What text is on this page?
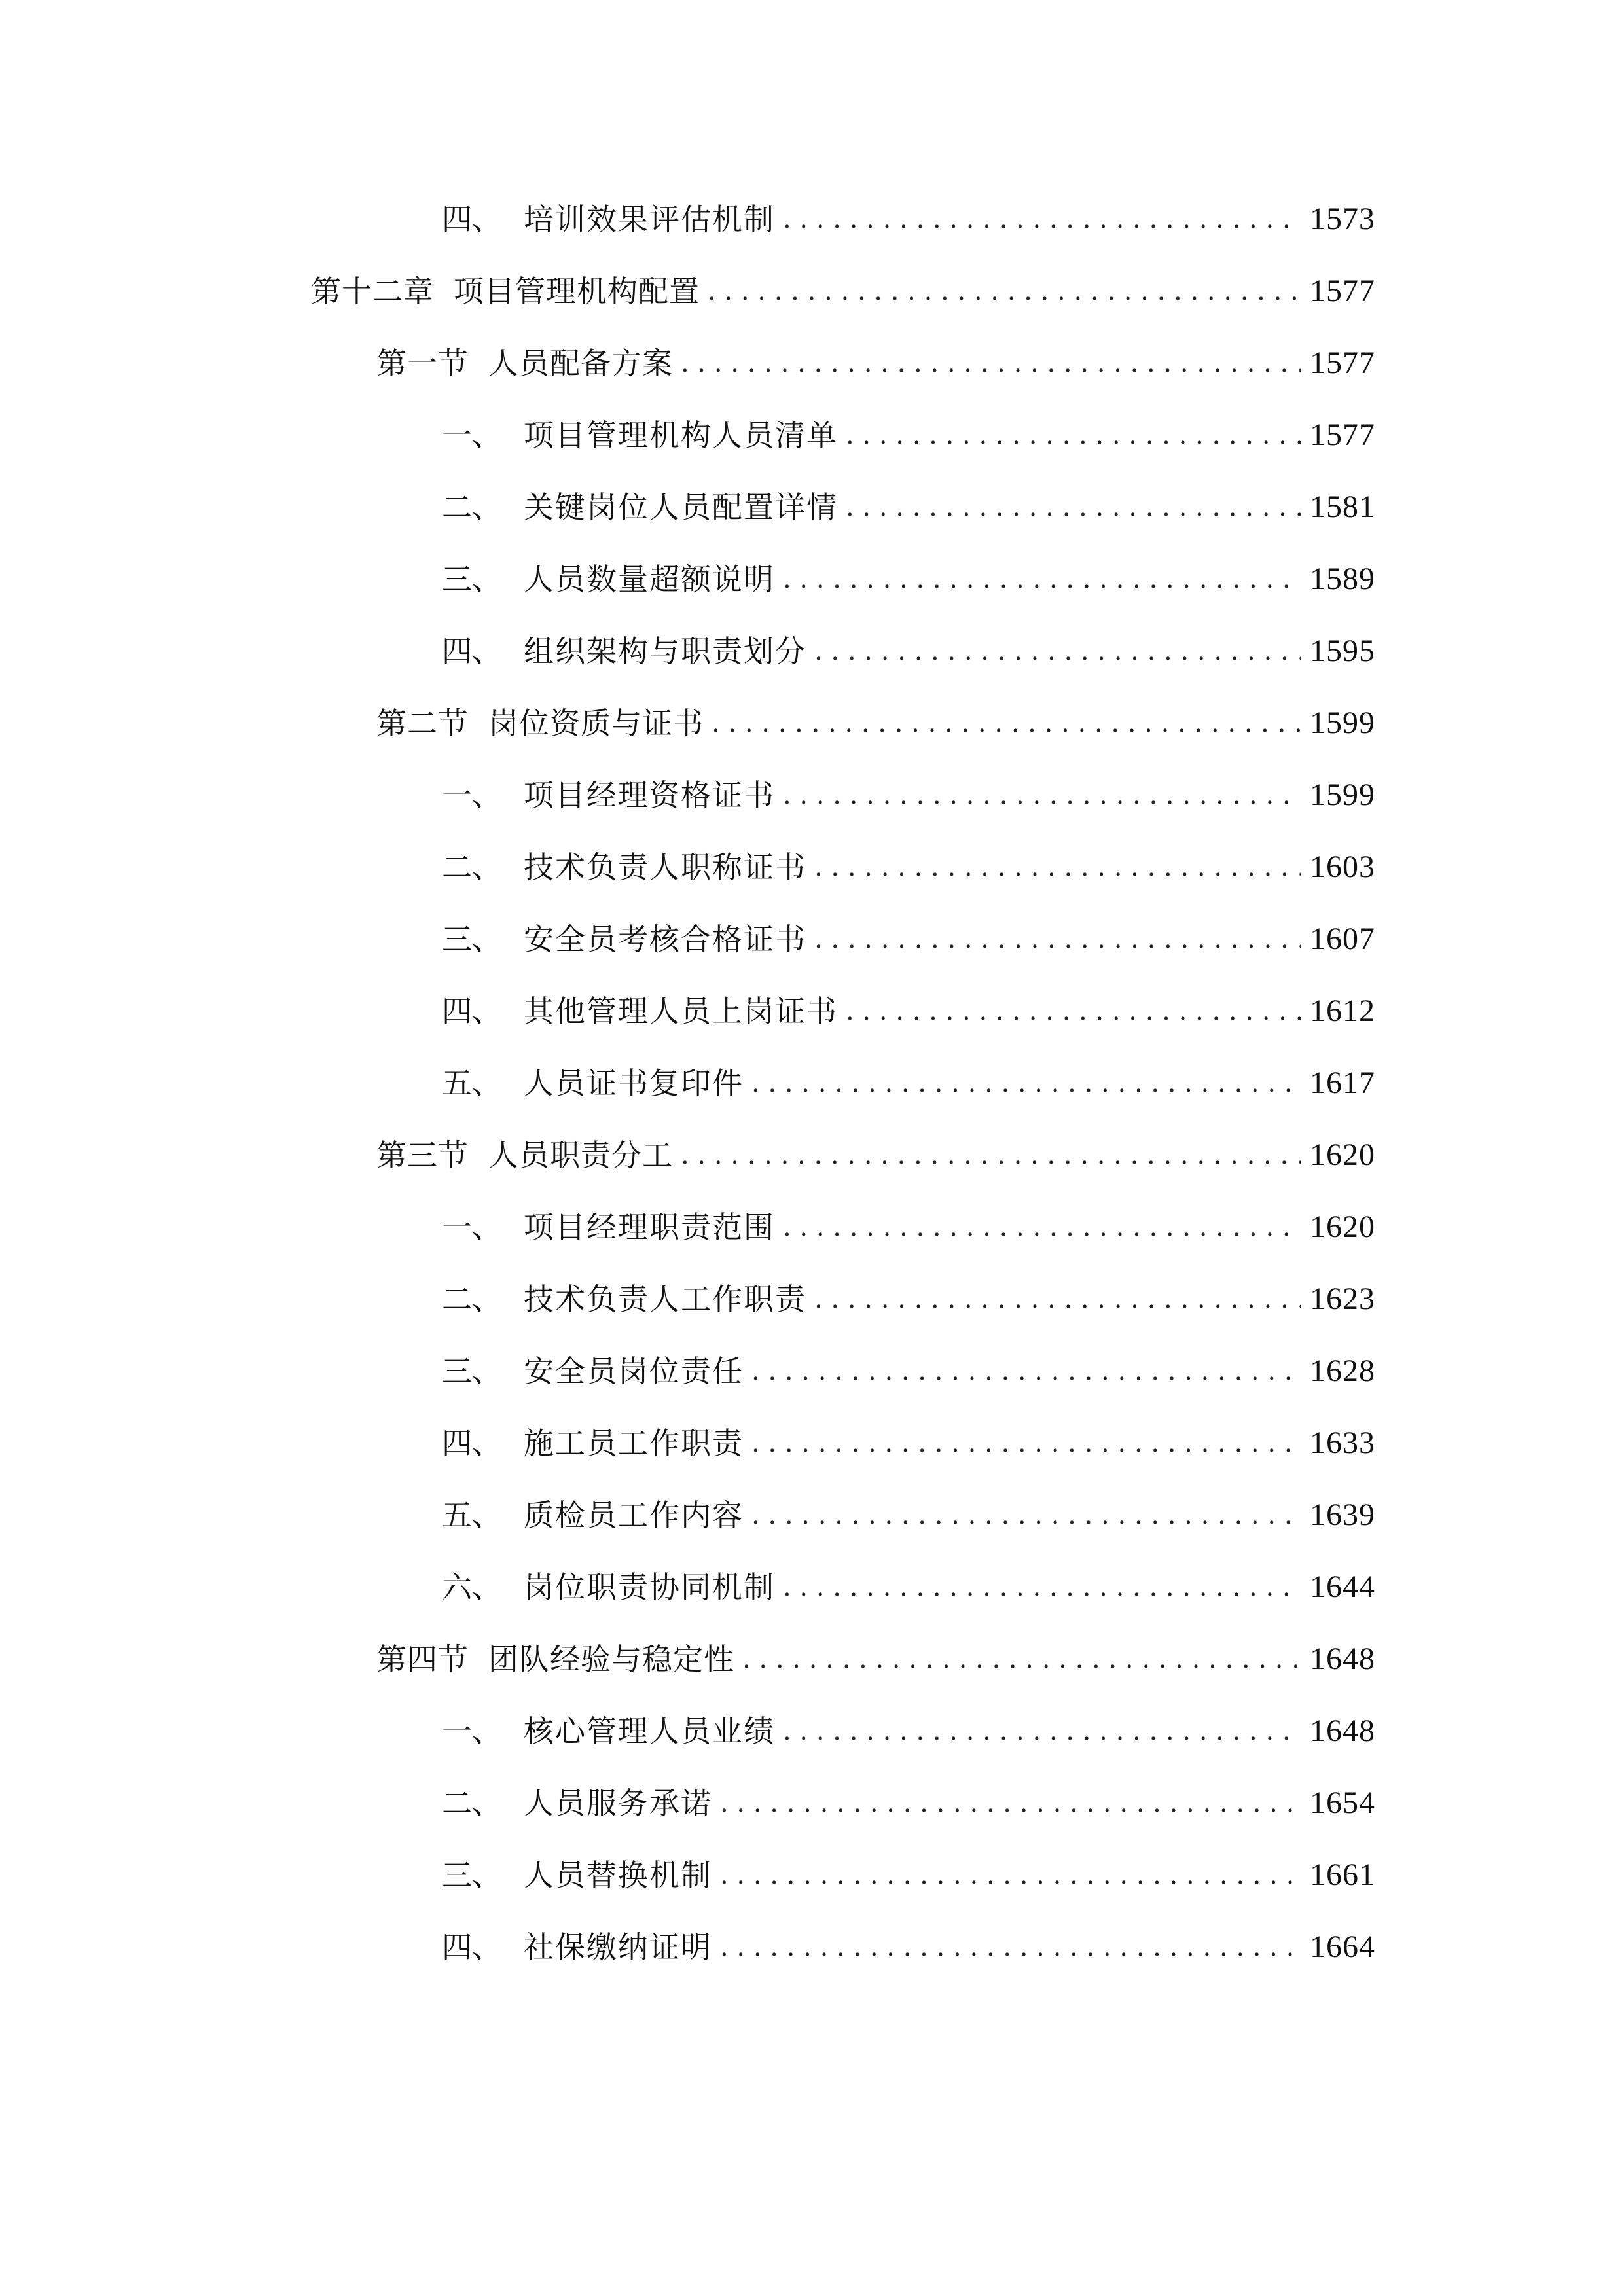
四、 培训效果评估机制 . . .	1573
第十二章 项目管理机构配置 . . .	1577
第一节 人员配备方案 . . .	1577
一、 项目管理机构人员清单 . . .	1577
二、 关键岗位人员配置详情 . . .	1581
三、 人员数量超额说明 . . .	1589
四、 组织架构与职责划分 . . .	1595
第二节 岗位资质与证书 . . .	1599
一、 项目经理资格证书 . . .	1599
二、 技术负责人职称证书 . . .	1603
三、 安全员考核合格证书 . . .	1607
四、 其他管理人员上岗证书 . . .	1612
五、 人员证书复印件 . . .	1617
第三节 人员职责分工 . . .	1620
一、 项目经理职责范围 . . .	1620
二、 技术负责人工作职责 . . .	1623
三、 安全员岗位责任 . . .	1628
四、 施工员工作职责 . . .	1633
五、 质检员工作内容 . . .	1639
六、 岗位职责协同机制 . . .	1644
第四节 团队经验与稳定性 . . .	1648
一、 核心管理人员业绩 . . .	1648
二、 人员服务承诺 . . .	1654
三、 人员替换机制 . . .	1661
四、 社保缴纳证明 . . .	1664
